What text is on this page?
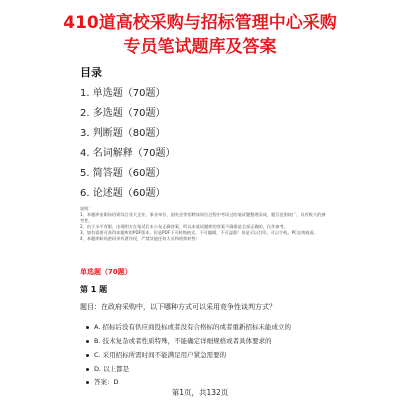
410道高校采购与招标管理中心采购
专员笔试题库及答案
目录
1. 单选题（70题）
2. 多选题（70题）
3. 判断题（80题）
4. 名词解释（70题）
5. 简答题（60题）
6. 论述题（60题）
说明：
1、本题库由职场培训综合各大企业、事业单位、国央企等招聘该岗位过程中考试过的笔试题整理而成，题目范围较广，具有极大的参考性。
2、由于水平有限，出现明方在笔试后未公布正确答案，所以本笔试题库的答案不确保是全部正确的，仅作参考。
3、如有需要可获得本题库的PDF版本，但是PDF不可转换格式，不可编辑，不可盗版！但是可以打印，可以手机、PC在线观看。
4、本题库职场密码享有著作权，严禁其他任何人员和机构转售！
单选题（70题）
第 1 题
题目：在政府采购中，以下哪种方式可以采用竞争性谈判方式？
A. 招标后没有供应商投标或者没有合格标的或者重新招标未能成立的
B. 技术复杂或者性质特殊，不能确定详细规格或者具体要求的
C. 采用招标所需时间不能满足用户紧急需要的
D. 以上都是
答案：D
第1页，共132页
